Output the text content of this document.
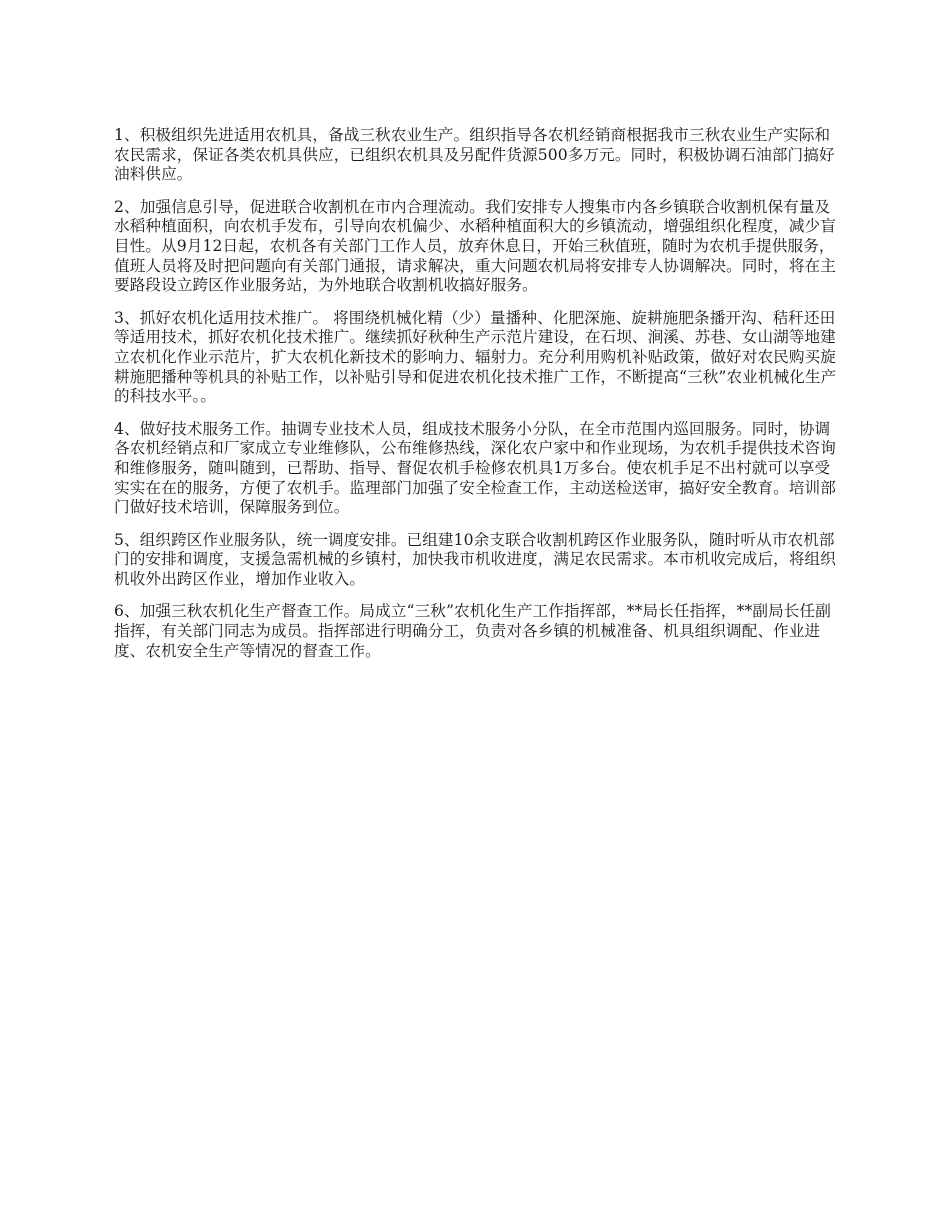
1、积极组织先进适用农机具，备战三秋农业生产。组织指导各农机经销商根据我市三秋农业生产实际和农民需求，保证各类农机具供应，已组织农机具及另配件货源500多万元。同时，积极协调石油部门搞好油料供应。

2、加强信息引导，促进联合收割机在市内合理流动。我们安排专人搜集市内各乡镇联合收割机保有量及水稻种植面积，向农机手发布，引导向农机偏少、水稻种植面积大的乡镇流动，增强组织化程度，减少盲目性。从9月12日起，农机各有关部门工作人员，放弃休息日，开始三秋值班，随时为农机手提供服务，值班人员将及时把问题向有关部门通报，请求解决，重大问题农机局将安排专人协调解决。同时，将在主要路段设立跨区作业服务站，为外地联合收割机收搞好服务。

3、抓好农机化适用技术推广。 将围绕机械化精（少）量播种、化肥深施、旋耕施肥条播开沟、秸秆还田等适用技术，抓好农机化技术推广。继续抓好秋种生产示范片建设，在石坝、涧溪、苏巷、女山湖等地建立农机化作业示范片，扩大农机化新技术的影响力、辐射力。充分利用购机补贴政策，做好对农民购买旋耕施肥播种等机具的补贴工作，以补贴引导和促进农机化技术推广工作，不断提高“三秋”农业机械化生产的科技水平。。

4、做好技术服务工作。抽调专业技术人员，组成技术服务小分队，在全市范围内巡回服务。同时，协调各农机经销点和厂家成立专业维修队，公布维修热线，深化农户家中和作业现场，为农机手提供技术咨询和维修服务，随叫随到，已帮助、指导、督促农机手检修农机具1万多台。使农机手足不出村就可以享受实实在在的服务，方便了农机手。监理部门加强了安全检查工作，主动送检送审，搞好安全教育。培训部门做好技术培训，保障服务到位。

5、组织跨区作业服务队，统一调度安排。已组建10余支联合收割机跨区作业服务队，随时听从市农机部门的安排和调度，支援急需机械的乡镇村，加快我市机收进度，满足农民需求。本市机收完成后，将组织机收外出跨区作业，增加作业收入。

6、加强三秋农机化生产督查工作。局成立“三秋”农机化生产工作指挥部，**局长任指挥，**副局长任副指挥，有关部门同志为成员。指挥部进行明确分工，负责对各乡镇的机械准备、机具组织调配、作业进度、农机安全生产等情况的督查工作。
